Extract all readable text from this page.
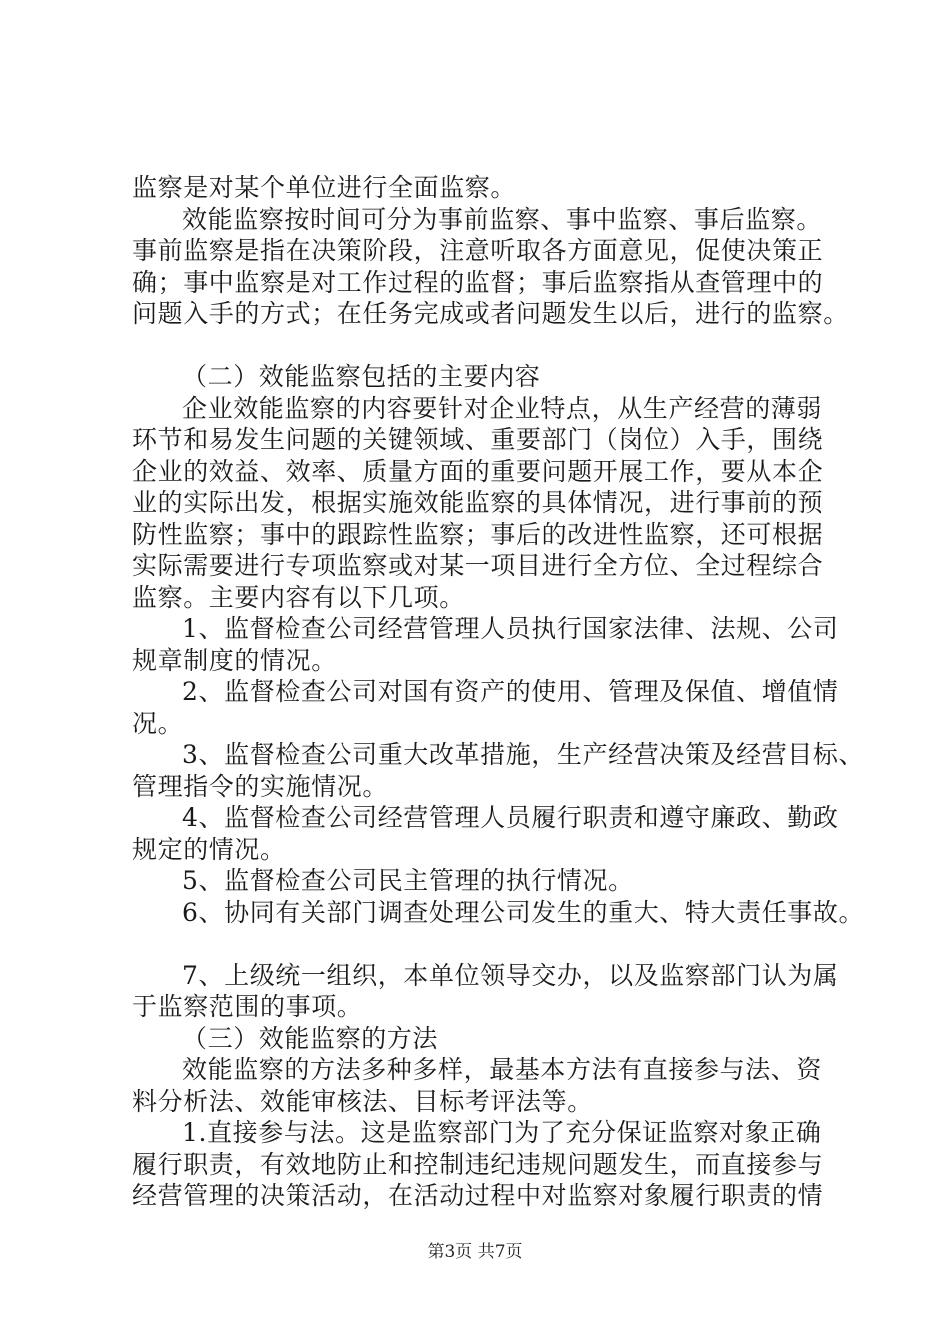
监察是对某个单位进行全面监察。
效能监察按时间可分为事前监察、事中监察、事后监察。
事前监察是指在决策阶段，注意听取各方面意见，促使决策正
确；事中监察是对工作过程的监督；事后监察指从查管理中的
问题入手的方式；在任务完成或者问题发生以后，进行的监察。
（二）效能监察包括的主要内容
企业效能监察的内容要针对企业特点，从生产经营的薄弱
环节和易发生问题的关键领域、重要部门（岗位）入手，围绕
企业的效益、效率、质量方面的重要问题开展工作，要从本企
业的实际出发，根据实施效能监察的具体情况，进行事前的预
防性监察；事中的跟踪性监察；事后的改进性监察，还可根据
实际需要进行专项监察或对某一项目进行全方位、全过程综合
监察。主要内容有以下几项。
1、监督检查公司经营管理人员执行国家法律、法规、公司
规章制度的情况。
2、监督检查公司对国有资产的使用、管理及保值、增值情
况。
3、监督检查公司重大改革措施，生产经营决策及经营目标、
管理指令的实施情况。
4、监督检查公司经营管理人员履行职责和遵守廉政、勤政
规定的情况。
5、监督检查公司民主管理的执行情况。
6、协同有关部门调查处理公司发生的重大、特大责任事故。
7、上级统一组织，本单位领导交办，以及监察部门认为属
于监察范围的事项。
（三）效能监察的方法
效能监察的方法多种多样，最基本方法有直接参与法、资
料分析法、效能审核法、目标考评法等。
1.直接参与法。这是监察部门为了充分保证监察对象正确
履行职责，有效地防止和控制违纪违规问题发生，而直接参与
经营管理的决策活动，在活动过程中对监察对象履行职责的情
第3页 共7页
